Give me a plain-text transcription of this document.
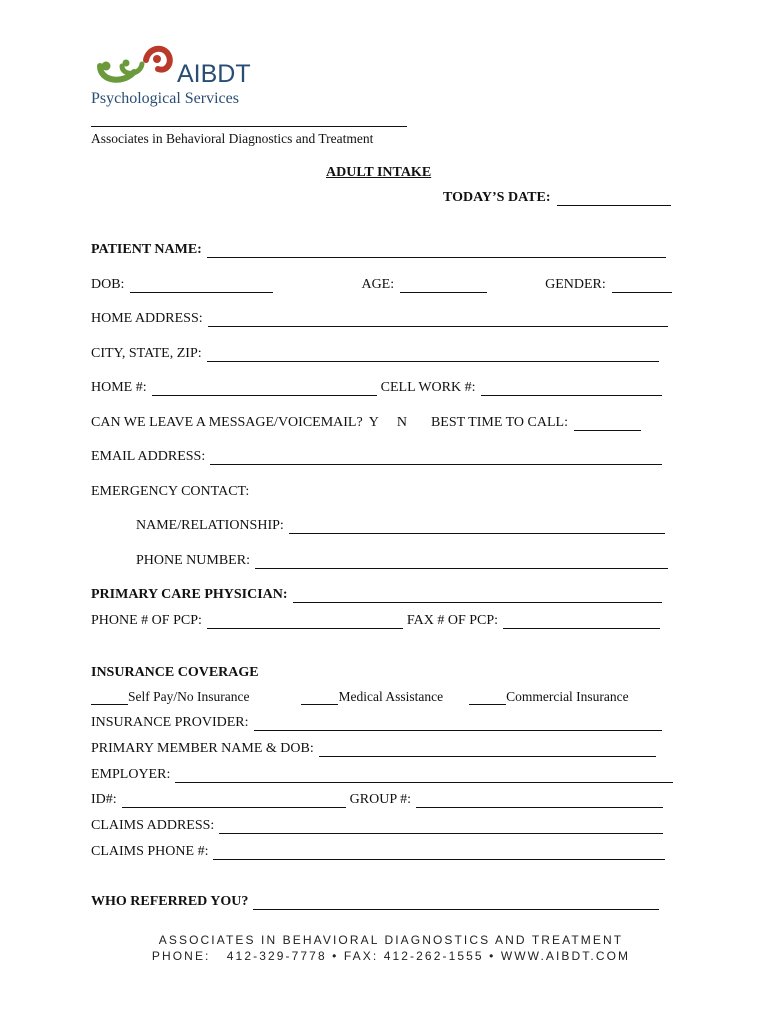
AIBDT
Psychological Services
Associates in Behavioral Diagnostics and Treatment
ADULT INTAKE
TODAY’S DATE:
PATIENT NAME:
DOB:	AGE:	GENDER:
HOME ADDRESS:
CITY, STATE, ZIP:
HOME #:	CELL WORK #:
CAN WE LEAVE A MESSAGE/VOICEMAIL? Y N BEST TIME TO CALL:
EMAIL ADDRESS:
EMERGENCY CONTACT:
NAME/RELATIONSHIP:
PHONE NUMBER:
PRIMARY CARE PHYSICIAN:
PHONE # OF PCP:	FAX # OF PCP:
INSURANCE COVERAGE
Self Pay/No Insurance	Medical Assistance	Commercial Insurance
INSURANCE PROVIDER:
PRIMARY MEMBER NAME & DOB:
EMPLOYER:
ID#:	GROUP #:
CLAIMS ADDRESS:
CLAIMS PHONE #:
WHO REFERRED YOU?
ASSOCIATES IN BEHAVIORAL DIAGNOSTICS AND TREATMENT
PHONE:   412-329-7778 • FAX: 412-262-1555 • WWW.AIBDT.COM
